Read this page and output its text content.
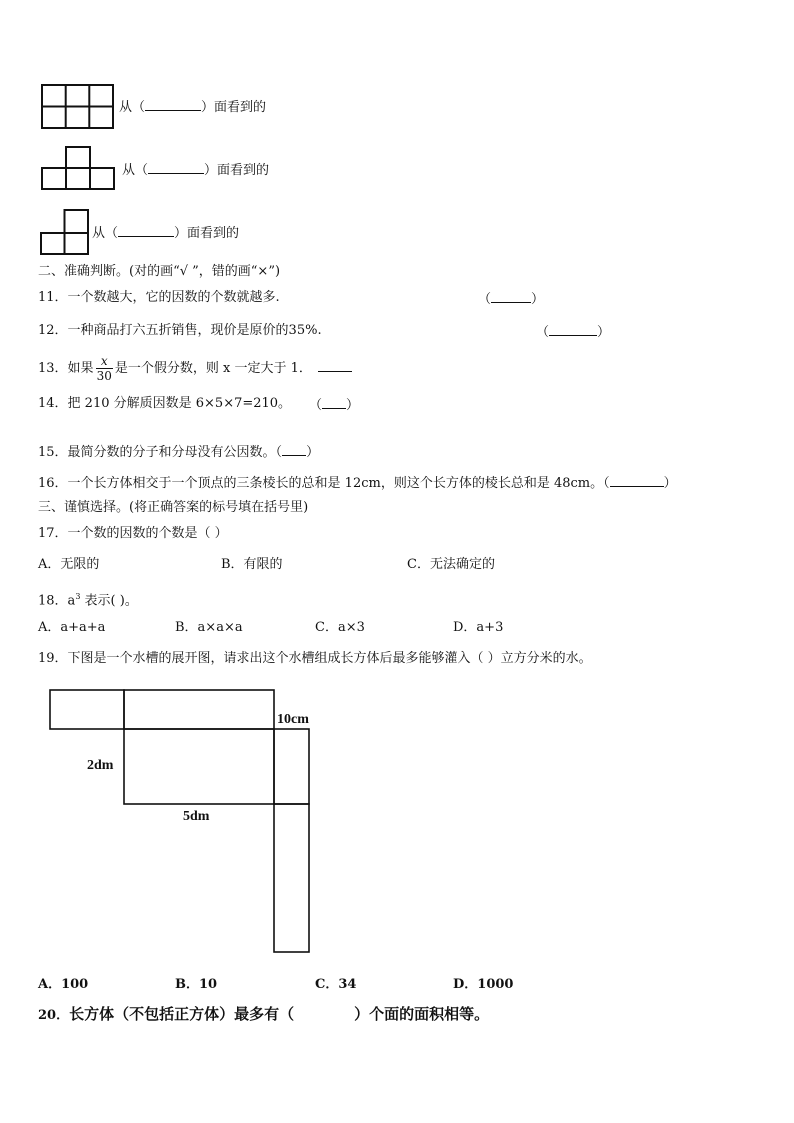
从（	）面看到的
从（	）面看到的
从（	）面看到的
二、准确判断。(对的画“√ ”，错的画“×”)
11．一个数越大，它的因数的个数就越多.	（	）
12．一种商品打六五折销售，现价是原价的35%.	（	）
13．如果 $\frac{x}{30}$ 是一个假分数，则 x 一定大于 1．
14．把 210 分解质因数是 6×5×7=210。 （ ）
15．最简分数的分子和分母没有公因数。（ ）
16．一个长方体相交于一个顶点的三条棱长的总和是 12cm，则这个长方体的棱长总和是 48cm。（	）
三、谨慎选择。(将正确答案的标号填在括号里)
17．一个数的因数的个数是（ ）
A．无限的	B．有限的	C．无法确定的
18．$a^3$ 表示( )。
A．a+a+a	B．a×a×a	C．a×3	D．a+3
19．下图是一个水槽的展开图，请求出这个水槽组成长方体后最多能够灌入（ ）立方分米的水。
10cm
2dm
5dm
A．100	B．10	C．34	D．1000
20．长方体（不包括正方体）最多有（	）个面的面积相等。
